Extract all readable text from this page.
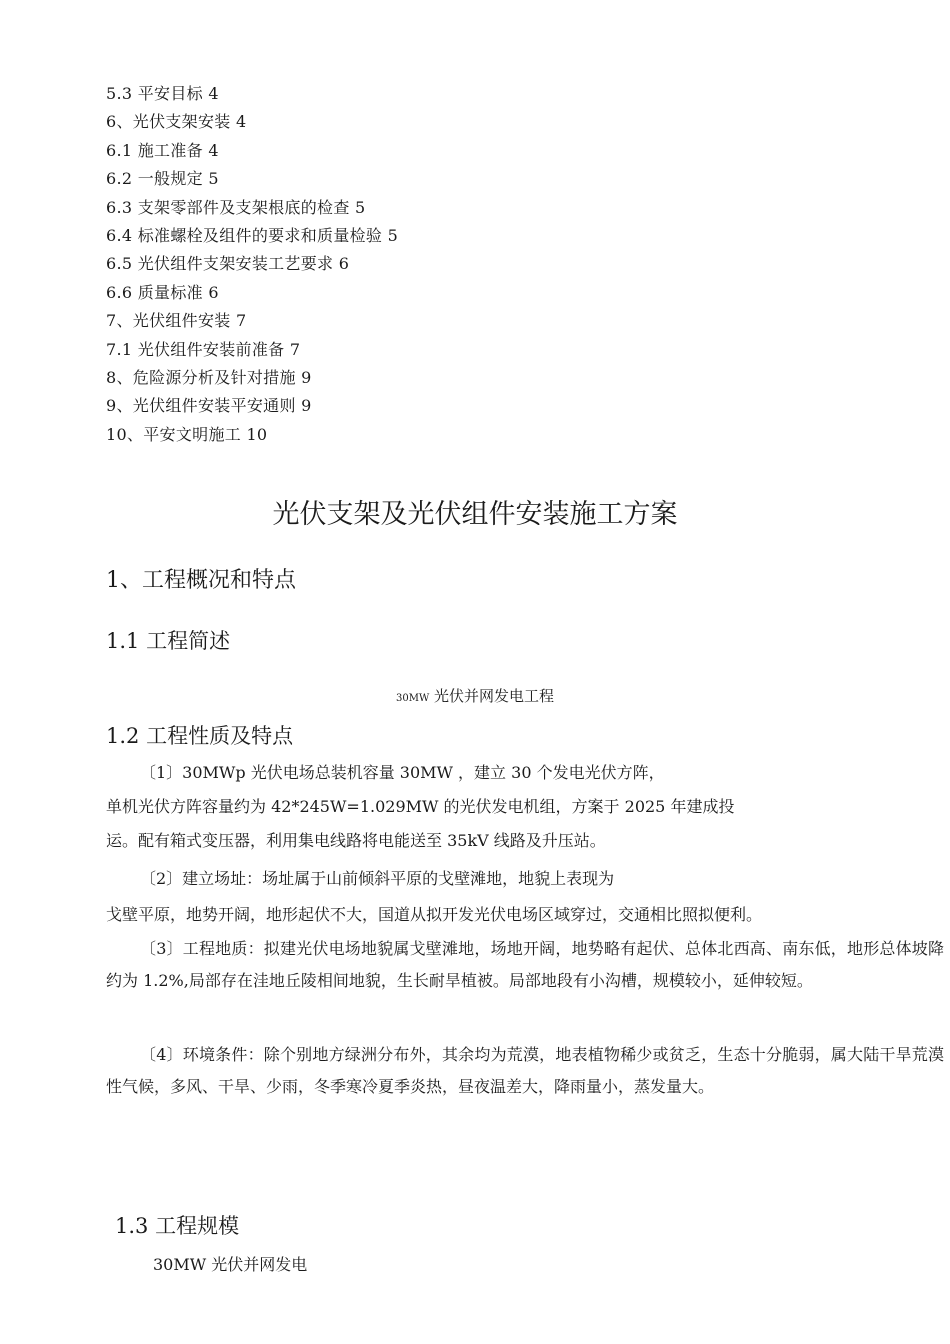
5.3 平安目标 4
6、光伏支架安装 4
6.1 施工准备 4
6.2 一般规定 5
6.3 支架零部件及支架根底的检查 5
6.4 标准螺栓及组件的要求和质量检验 5
6.5 光伏组件支架安装工艺要求 6
6.6 质量标准 6
7、光伏组件安装 7
7.1 光伏组件安装前准备 7
8、危险源分析及针对措施 9
9、光伏组件安装平安通则 9
10、平安文明施工 10
光伏支架及光伏组件安装施工方案
1、工程概况和特点
1.1 工程简述
30MW 光伏并网发电工程
1.2 工程性质及特点
〔1〕30MWp 光伏电场总装机容量 30MW ，建立 30 个发电光伏方阵，
单机光伏方阵容量约为 42*245W=1.029MW 的光伏发电机组，方案于 2025 年建成投
运。配有箱式变压器，利用集电线路将电能送至 35kV 线路及升压站。
〔2〕建立场址：场址属于山前倾斜平原的戈壁滩地，地貌上表现为
戈壁平原，地势开阔，地形起伏不大，国道从拟开发光伏电场区域穿过，交通相比照拟便利。

〔3〕工程地质：拟建光伏电场地貌属戈壁滩地，场地开阔，地势略有起伏、总体北西高、南东低，地形总体坡降约为 1.2%,局部存在洼地丘陵相间地貌，生长耐旱植被。局部地段有小沟槽，规模较小，延伸较短。

〔4〕环境条件：除个别地方绿洲分布外，其余均为荒漠，地表植物稀少或贫乏，生态十分脆弱，属大陆干旱荒漠性气候，多风、干旱、少雨，冬季寒冷夏季炎热，昼夜温差大，降雨量小，蒸发量大。

1.3 工程规模
30MW 光伏并网发电
